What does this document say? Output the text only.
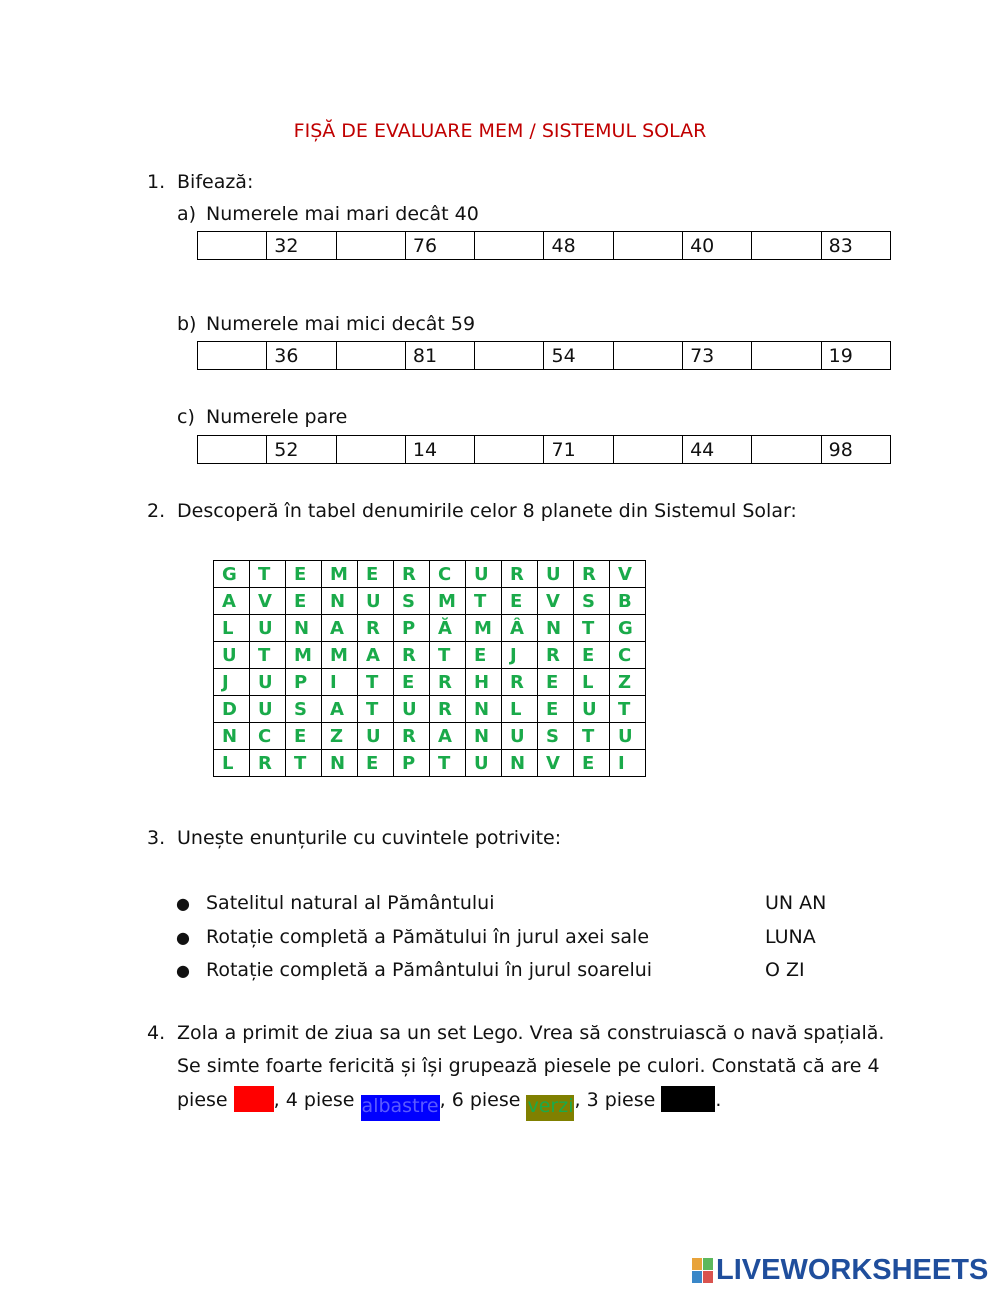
FIȘĂ DE EVALUARE MEM / SISTEMUL SOLAR
1. Bifează:
a) Numerele mai mari decât 40
	32		76		48		40		83
b) Numerele mai mici decât 59
	36		81		54		73		19
c) Numerele pare
	52		14		71		44		98
2. Descoperă în tabel denumirile celor 8 planete din Sistemul Solar:
G	T	E	M	E	R	C	U	R	U	R	V
A	V	E	N	U	S	M	T	E	V	S	B
L	U	N	A	R	P	Ă	M	Â	N	T	G
U	T	M	M	A	R	T	E	J	R	E	C
J	U	P	I	T	E	R	H	R	E	L	Z
D	U	S	A	T	U	R	N	L	E	U	T
N	C	E	Z	U	R	A	N	U	S	T	U
L	R	T	N	E	P	T	U	N	V	E	I
3. Unește enunțurile cu cuvintele potrivite:
● Satelitul natural al Pământului	UN AN
● Rotație completă a Pămătului în jurul axei sale	LUNA
● Rotație completă a Pământului în jurul soarelui	O ZI
4. Zola a primit de ziua sa un set Lego. Vrea să construiască o navă spațială.
Se simte foarte fericită și își grupează piesele pe culori. Constată că are 4
piese , 4 piese albastre, 6 piese verzi, 3 piese	.
LIVEWORKSHEETS
